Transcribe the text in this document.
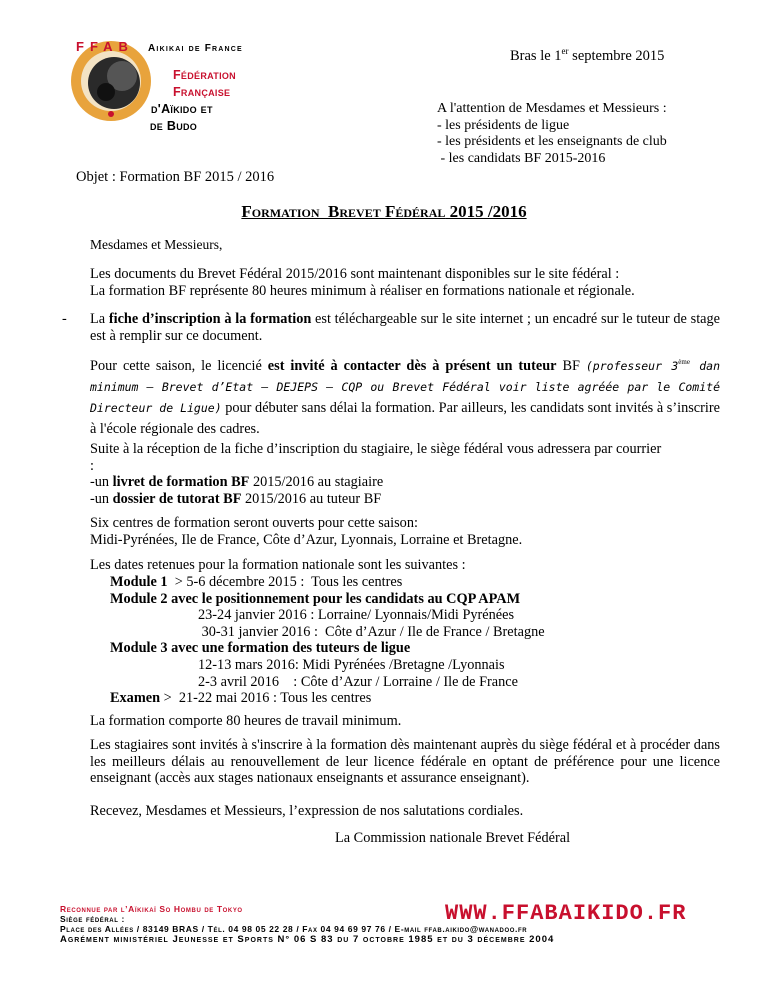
FFAB Aikikai de France
Fédération
Française
d'Aïkido et
de Budo
Bras le 1er septembre 2015
A l'attention de Mesdames et Messieurs :
- les présidents de ligue
- les présidents et les enseignants de club
- les candidats BF 2015-2016
Objet : Formation BF 2015 / 2016
Formation  Brevet Fédéral 2015 /2016
Mesdames et Messieurs,
Les documents du Brevet Fédéral 2015/2016 sont maintenant disponibles sur le site fédéral :
La formation BF représente 80 heures minimum à réaliser en formations nationale et régionale.
- La fiche d’inscription à la formation est téléchargeable sur le site internet ; un encadré sur le tuteur de stage est à remplir sur ce document.
Pour cette saison, le licencié est invité à contacter dès à présent un tuteur BF (professeur 3ème dan minimum – Brevet d’Etat – DEJEPS – CQP ou Brevet Fédéral voir liste agréée par le Comité Directeur de Ligue) pour débuter sans délai la formation. Par ailleurs, les candidats sont invités à s’inscrire à l'école régionale des cadres.
Suite à la réception de la fiche d’inscription du stagiaire, le siège fédéral vous adressera par courrier
:
-un livret de formation BF 2015/2016 au stagiaire
-un dossier de tutorat BF 2015/2016 au tuteur BF
Six centres de formation seront ouverts pour cette saison:
Midi-Pyrénées, Ile de France, Côte d’Azur, Lyonnais, Lorraine et Bretagne.
Les dates retenues pour la formation nationale sont les suivantes :
Module 1  > 5-6 décembre 2015 :  Tous les centres
Module 2 avec le positionnement pour les candidats au CQP APAM
23-24 janvier 2016 : Lorraine/ Lyonnais/Midi Pyrénées
30-31 janvier 2016 :  Côte d’Azur / Ile de France / Bretagne
Module 3 avec une formation des tuteurs de ligue
12-13 mars 2016: Midi Pyrénées /Bretagne /Lyonnais
2-3 avril 2016    : Côte d’Azur / Lorraine / Ile de France
Examen >  21-22 mai 2016 : Tous les centres
La formation comporte 80 heures de travail minimum.
Les stagiaires sont invités à s'inscrire à la formation dès maintenant auprès du siège fédéral et à procéder dans les meilleurs délais au renouvellement de leur licence fédérale en optant de préférence pour une licence enseignant (accès aux stages nationaux enseignants et assurance enseignant).
Recevez, Mesdames et Messieurs, l’expression de nos salutations cordiales.
La Commission nationale Brevet Fédéral
WWW.FFABAIKIDO.FR
Reconnue par l’Aïkikaï So Hombu de Tokyo
Siège fédéral :
Place des Allées / 83149 BRAS / Tél. 04 98 05 22 28 / Fax 04 94 69 97 76 / E-mail ffab.aikido@wanadoo.fr
Agrément ministériel Jeunesse et Sports N° 06 S 83 du 7 octobre 1985 et du 3 décembre 2004
